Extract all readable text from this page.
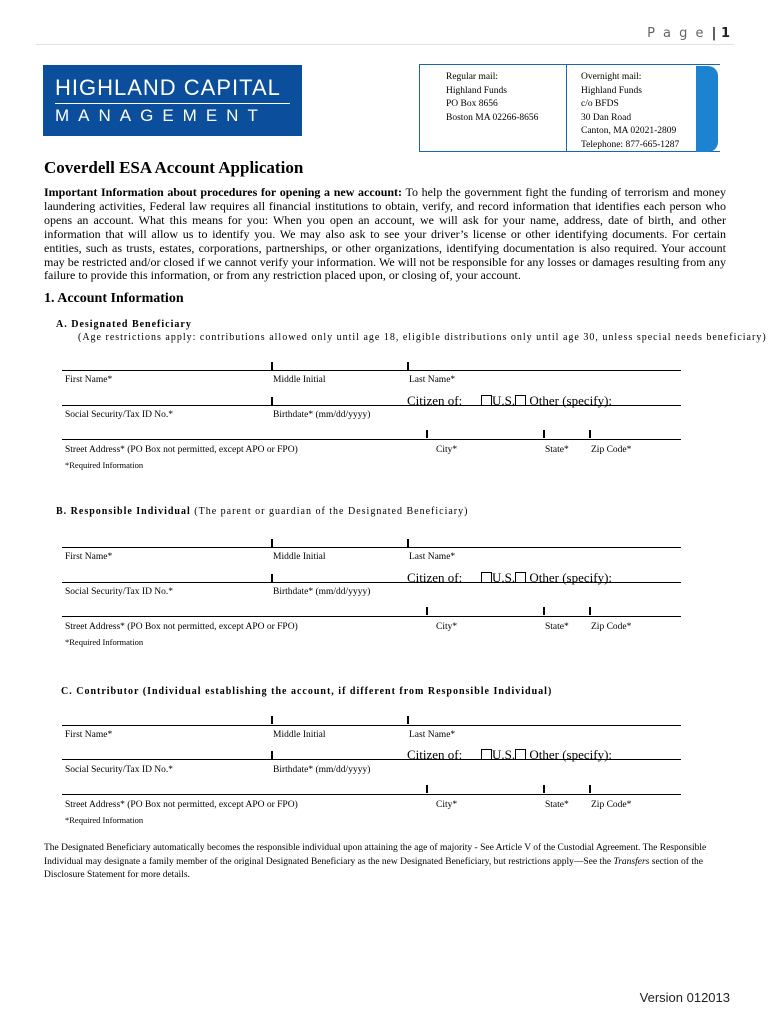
P a g e | 1
HIGHLAND CAPITAL
MANAGEMENT
Regular mail:
Highland Funds
PO Box 8656
Boston MA 02266-8656
Overnight mail:
Highland Funds
c/o BFDS
30 Dan Road
Canton, MA 02021-2809
Telephone: 877-665-1287
Coverdell ESA Account Application
Important Information about procedures for opening a new account: To help the government fight the funding of terrorism and money laundering activities, Federal law requires all financial institutions to obtain, verify, and record information that identifies each person who opens an account. What this means for you: When you open an account, we will ask for your name, address, date of birth, and other information that will allow us to identify you. We may also ask to see your driver’s license or other identifying documents. For certain entities, such as trusts, estates, corporations, partnerships, or other organizations, identifying documentation is also required. Your account may be restricted and/or closed if we cannot verify your information. We will not be responsible for any losses or damages resulting from any failure to provide this information, or from any restriction placed upon, or closing of, your account.
1. Account Information
A. Designated Beneficiary
(Age restrictions apply: contributions allowed only until age 18, eligible distributions only until age 30, unless special needs beneficiary)
First Name*	Middle Initial	Last Name*
Citizen of:	U.S. Other (specify):
Social Security/Tax ID No.*	Birthdate* (mm/dd/yyyy)
Street Address* (PO Box not permitted, except APO or FPO)	City*	State* Zip Code*
*Required Information
B. Responsible Individual (The parent or guardian of the Designated Beneficiary)
First Name*	Middle Initial	Last Name*
Citizen of:	U.S. Other (specify):
Social Security/Tax ID No.*	Birthdate* (mm/dd/yyyy)
Street Address* (PO Box not permitted, except APO or FPO)	City*	State* Zip Code*
*Required Information
C. Contributor (Individual establishing the account, if different from Responsible Individual)
First Name*	Middle Initial	Last Name*
Citizen of:	U.S. Other (specify):
Social Security/Tax ID No.*	Birthdate* (mm/dd/yyyy)
Street Address* (PO Box not permitted, except APO or FPO)	City*	State* Zip Code*
*Required Information
The Designated Beneficiary automatically becomes the responsible individual upon attaining the age of majority - See Article V of the Custodial Agreement. The Responsible Individual may designate a family member of the original Designated Beneficiary as the new Designated Beneficiary, but restrictions apply—See the Transfers section of the Disclosure Statement for more details.
Version 012013
